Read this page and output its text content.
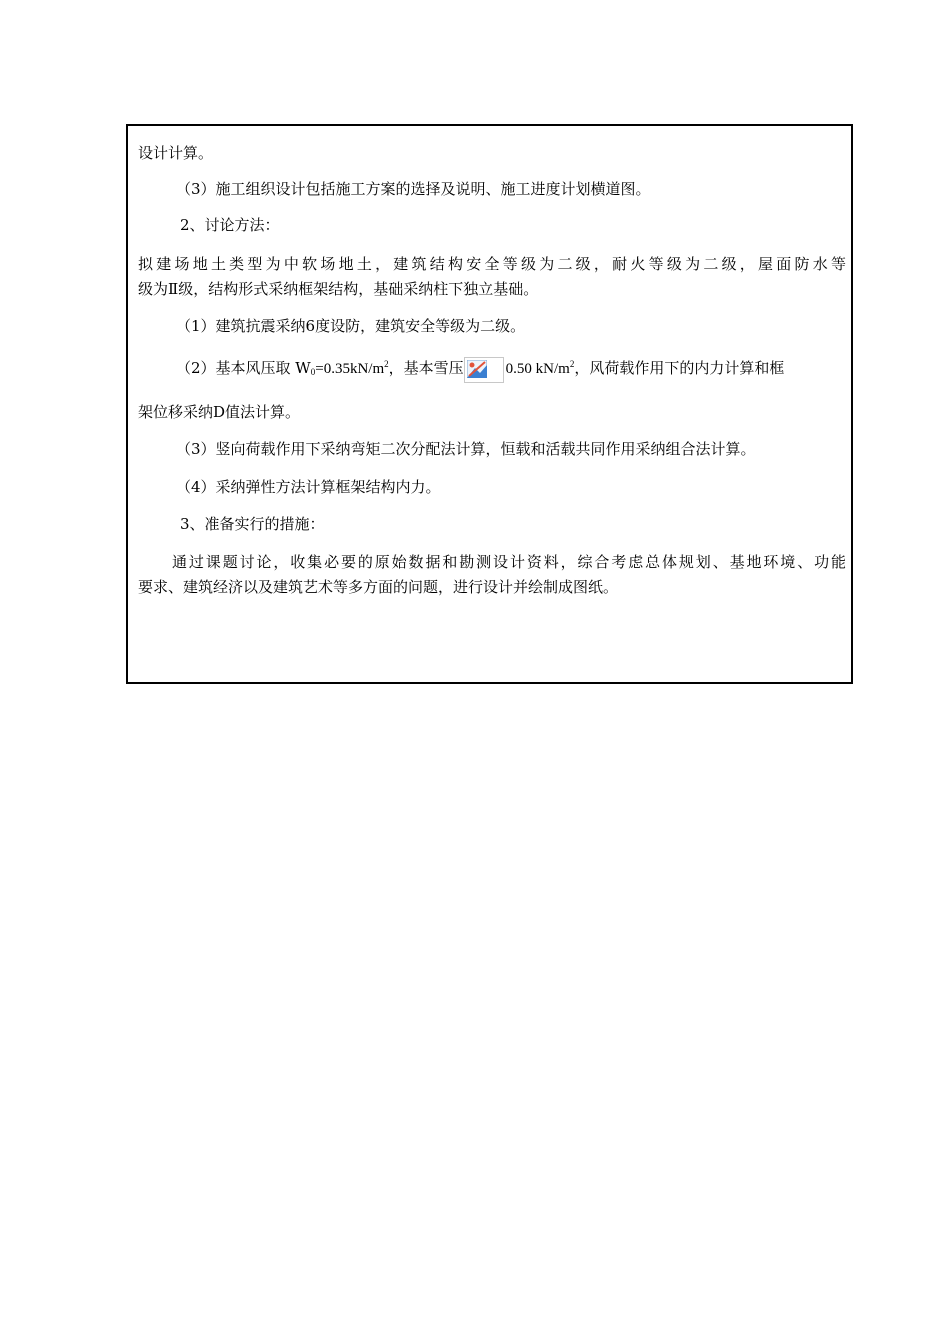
设计计算。
（3）施工组织设计包括施工方案的选择及说明、施工进度计划横道图。
2、讨论方法：
拟建场地土类型为中软场地土，建筑结构安全等级为二级，耐火等级为二级，屋面防水等
级为Ⅱ级，结构形式采纳框架结构，基础采纳柱下独立基础。
（1）建筑抗震采纳6度设防，建筑安全等级为二级。
（2）基本风压取 $W_0=0.35kN/m^2$，基本雪压	0.50 $kN/m^2$，风荷载作用下的内力计算和框
架位移采纳D值法计算。
（3）竖向荷载作用下采纳弯矩二次分配法计算，恒载和活载共同作用采纳组合法计算。
（4）采纳弹性方法计算框架结构内力。
3、准备实行的措施：
通过课题讨论，收集必要的原始数据和勘测设计资料，综合考虑总体规划、基地环境、功能
要求、建筑经济以及建筑艺术等多方面的问题，进行设计并绘制成图纸。
